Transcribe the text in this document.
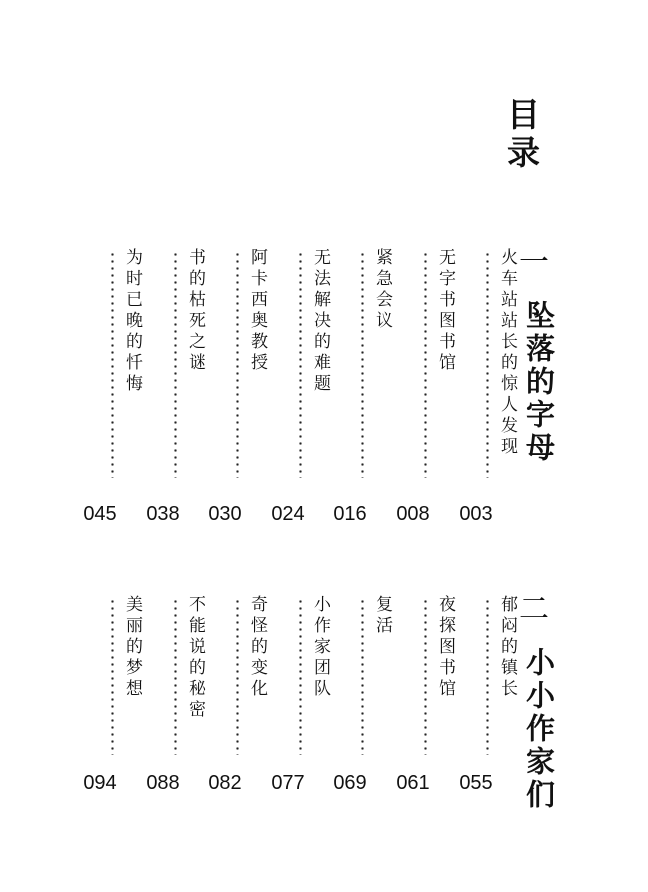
目录
一
坠落的字母
火车站站长的惊人发现
003
无字书图书馆
008
紧急会议
016
无法解决的难题
024
阿卡西奥教授
030
书的枯死之谜
038
为时已晚的忏悔
045
二
小小作家们
郁闷的镇长
055
夜探图书馆
061
复活
069
小作家团队
077
奇怪的变化
082
不能说的秘密
088
美丽的梦想
094
